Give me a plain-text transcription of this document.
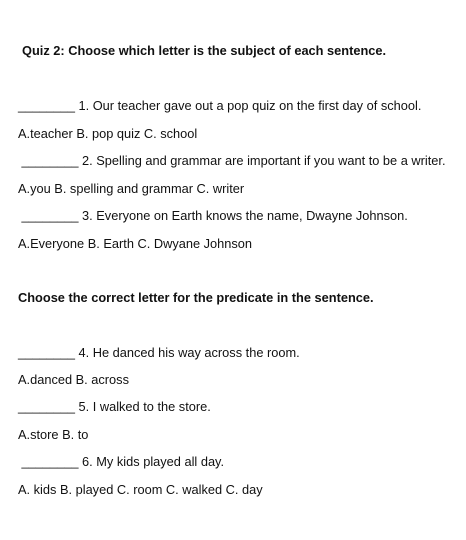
Quiz 2: Choose which letter is the subject of each sentence.
________ 1. Our teacher gave out a pop quiz on the first day of school.
A.teacher B. pop quiz C. school
________ 2. Spelling and grammar are important if you want to be a writer.
A.you B. spelling and grammar C. writer
________ 3. Everyone on Earth knows the name, Dwayne Johnson.
A.Everyone B. Earth C. Dwyane Johnson
Choose the correct letter for the predicate in the sentence.
________ 4. He danced his way across the room.
A.danced B. across
________ 5. I walked to the store.
A.store B. to
________ 6. My kids played all day.
A. kids B. played C. room C. walked C. day
